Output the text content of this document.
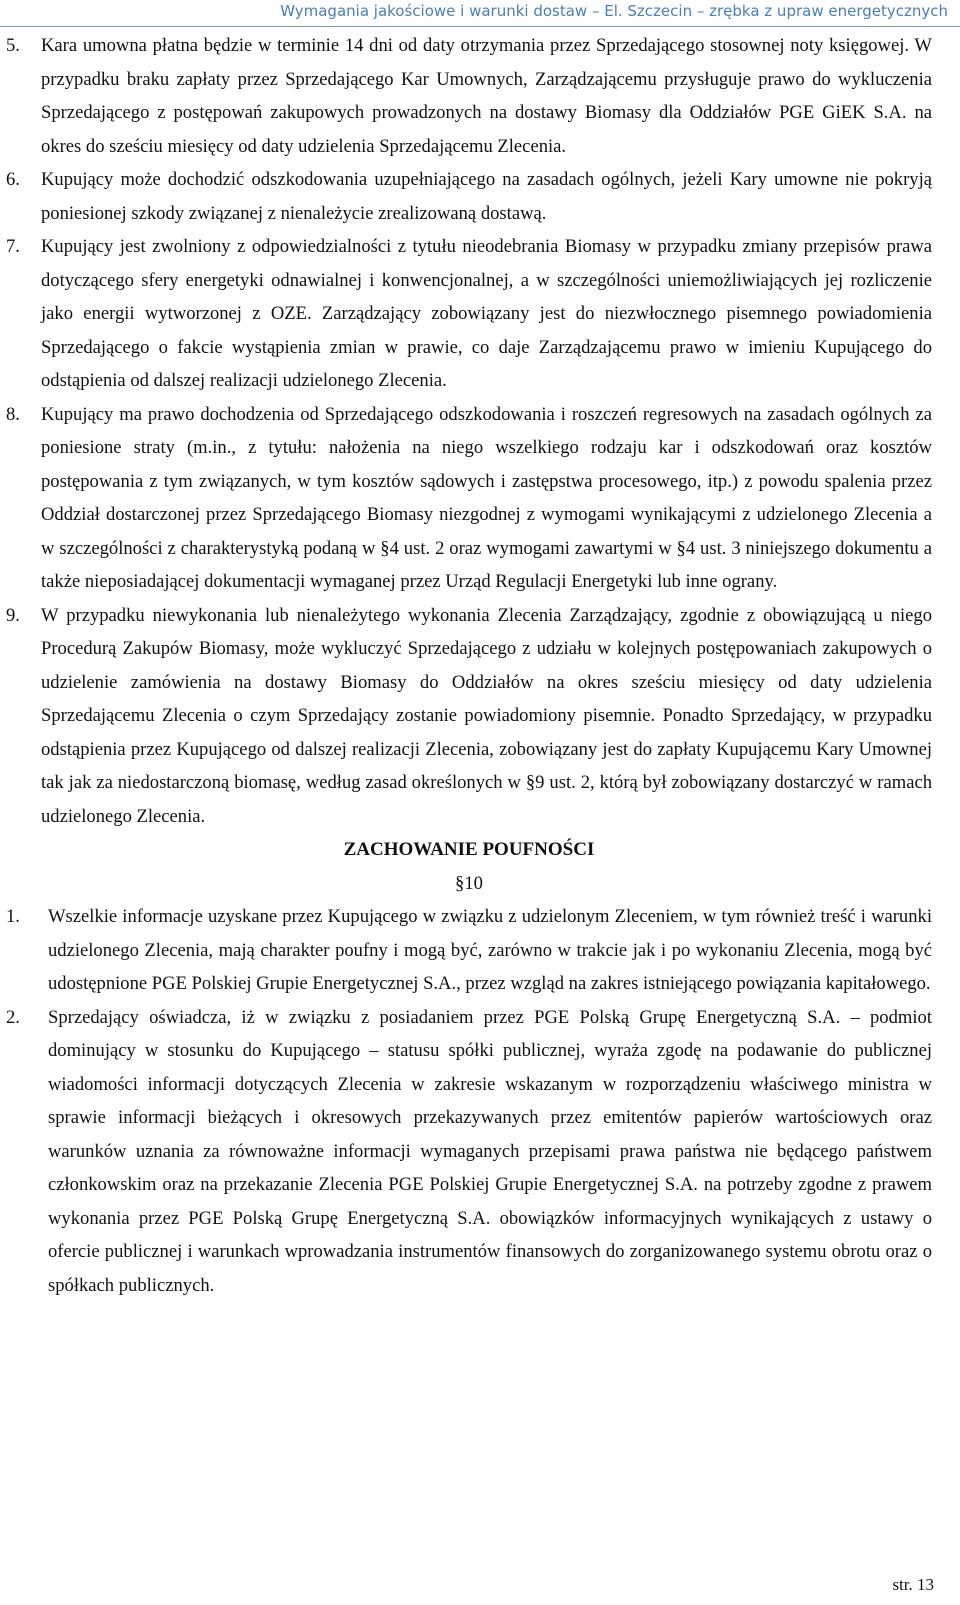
Wymagania jakościowe i warunki dostaw – El. Szczecin – zrębka z upraw energetycznych
5. Kara umowna płatna będzie w terminie 14 dni od daty otrzymania przez Sprzedającego stosownej noty księgowej. W przypadku braku zapłaty przez Sprzedającego Kar Umownych, Zarządzającemu przysługuje prawo do wykluczenia Sprzedającego z postępowań zakupowych prowadzonych na dostawy Biomasy dla Oddziałów PGE GiEK S.A. na okres do sześciu miesięcy od daty udzielenia Sprzedającemu Zlecenia.
6. Kupujący może dochodzić odszkodowania uzupełniającego na zasadach ogólnych, jeżeli Kary umowne nie pokryją poniesionej szkody związanej z nienależycie zrealizowaną dostawą.
7. Kupujący jest zwolniony z odpowiedzialności z tytułu nieodebrania Biomasy w przypadku zmiany przepisów prawa dotyczącego sfery energetyki odnawialnej i konwencjonalnej, a w szczególności uniemożliwiających jej rozliczenie jako energii wytworzonej z OZE. Zarządzający zobowiązany jest do niezwłocznego pisemnego powiadomienia Sprzedającego o fakcie wystąpienia zmian w prawie, co daje Zarządzającemu prawo w imieniu Kupującego do odstąpienia od dalszej realizacji udzielonego Zlecenia.
8. Kupujący ma prawo dochodzenia od Sprzedającego odszkodowania i roszczeń regresowych na zasadach ogólnych za poniesione straty (m.in., z tytułu: nałożenia na niego wszelkiego rodzaju kar i odszkodowań oraz kosztów postępowania z tym związanych, w tym kosztów sądowych i zastępstwa procesowego, itp.) z powodu spalenia przez Oddział dostarczonej przez Sprzedającego Biomasy niezgodnej z wymogami wynikającymi z udzielonego Zlecenia a w szczególności z charakterystyką podaną w §4 ust. 2 oraz wymogami zawartymi w §4 ust. 3 niniejszego dokumentu a także nieposiadającej dokumentacji wymaganej przez Urząd Regulacji Energetyki lub inne ograny.
9. W przypadku niewykonania lub nienależytego wykonania Zlecenia Zarządzający, zgodnie z obowiązującą u niego Procedurą Zakupów Biomasy, może wykluczyć Sprzedającego z udziału w kolejnych postępowaniach zakupowych o udzielenie zamówienia na dostawy Biomasy do Oddziałów na okres sześciu miesięcy od daty udzielenia Sprzedającemu Zlecenia o czym Sprzedający zostanie powiadomiony pisemnie. Ponadto Sprzedający, w przypadku odstąpienia przez Kupującego od dalszej realizacji Zlecenia, zobowiązany jest do zapłaty Kupującemu Kary Umownej tak jak za niedostarczoną biomasę, według zasad określonych w §9 ust. 2, którą był zobowiązany dostarczyć w ramach udzielonego Zlecenia.
ZACHOWANIE POUFNOŚCI
§10
1. Wszelkie informacje uzyskane przez Kupującego w związku z udzielonym Zleceniem, w tym również treść i warunki udzielonego Zlecenia, mają charakter poufny i mogą być, zarówno w trakcie jak i po wykonaniu Zlecenia, mogą być udostępnione PGE Polskiej Grupie Energetycznej S.A., przez wzgląd na zakres istniejącego powiązania kapitałowego.
2. Sprzedający oświadcza, iż w związku z posiadaniem przez PGE Polską Grupę Energetyczną S.A. – podmiot dominujący w stosunku do Kupującego – statusu spółki publicznej, wyraża zgodę na podawanie do publicznej wiadomości informacji dotyczących Zlecenia w zakresie wskazanym w rozporządzeniu właściwego ministra w sprawie informacji bieżących i okresowych przekazywanych przez emitentów papierów wartościowych oraz warunków uznania za równoważne informacji wymaganych przepisami prawa państwa nie będącego państwem członkowskim oraz na przekazanie Zlecenia PGE Polskiej Grupie Energetycznej S.A. na potrzeby zgodne z prawem wykonania przez PGE Polską Grupę Energetyczną S.A. obowiązków informacyjnych wynikających z ustawy o ofercie publicznej i warunkach wprowadzania instrumentów finansowych do zorganizowanego systemu obrotu oraz o spółkach publicznych.
str. 13
